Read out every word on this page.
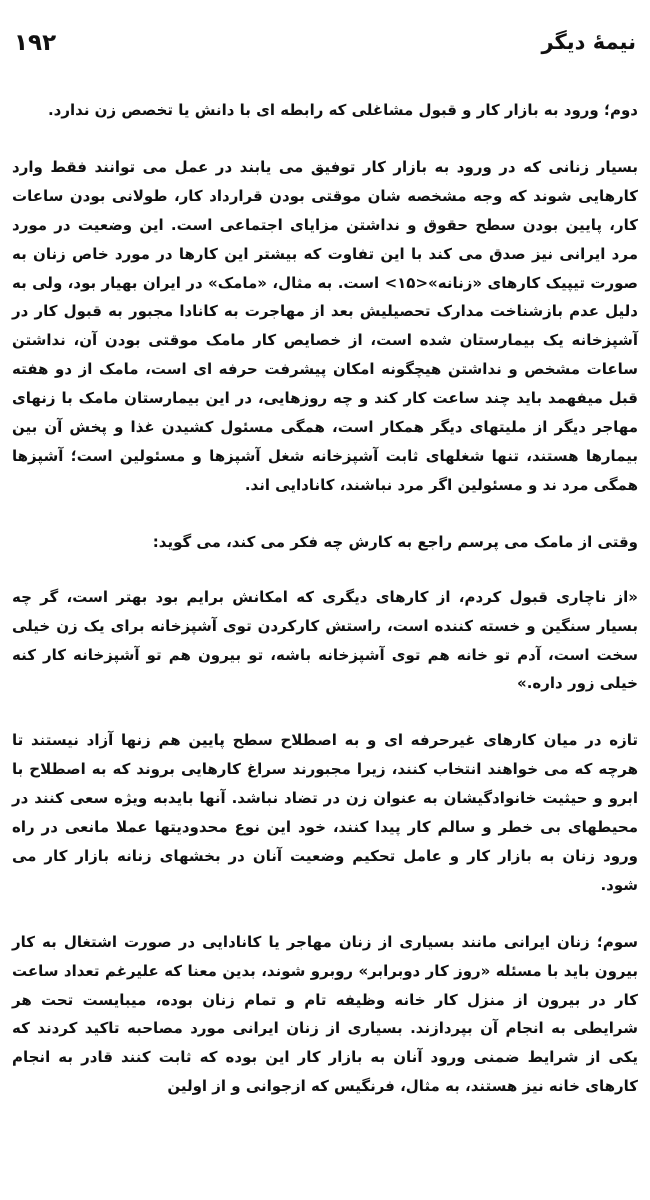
۱۹۲	نیمهٔ دیگر

دوم؛ ورود به بازار کار و قبول مشاغلی که رابطه ای با دانش یا تخصص زن ندارد.

بسیار زنانی که در ورود به بازار کار توفیق می یابند در عمل می توانند فقط وارد کارهایی شوند که وجه مشخصه شان موقتی بودن قرارداد کار، طولانی بودن ساعات کار، پایین بودن سطح حقوق و نداشتن مزایای اجتماعی است. این وضعیت در مورد مرد ایرانی نیز صدق می کند با این تفاوت که بیشتر این کارها در مورد خاص زنان به صورت تیپیک کارهای «زنانه»<۱۵> است. به مثال، «مامک» در ایران بهیار بود، ولی به دلیل عدم بازشناخت مدارک تحصیلیش بعد از مهاجرت به کانادا مجبور به قبول کار در آشپزخانه یک بیمارستان شده است، از خصایص کار مامک موقتی بودن آن، نداشتن ساعات مشخص و نداشتن هیچگونه امکان پیشرفت حرفه ای است، مامک از دو هفته قبل میفهمد باید چند ساعت کار کند و چه روزهایی، در این بیمارستان مامک با زنهای مهاجر دیگر از ملیتهای دیگر همکار است، همگی مسئول کشیدن غذا و پخش آن بین بیمارها هستند، تنها شغلهای ثابت آشپزخانه شغل آشپزها و مسئولین است؛ آشپزها همگی مرد ند و مسئولین اگر مرد نباشند، کانادایی اند.

وقتی از مامک می پرسم راجع به کارش چه فکر می کند، می گوید:

«از ناچاری قبول کردم، از کارهای دیگری که امکانش برایم بود بهتر است، گر چه بسیار سنگین و خسته کننده است، راستش کارکردن توی آشپزخانه برای یک زن خیلی سخت است، آدم تو خانه هم توی آشپزخانه باشه، تو بیرون هم تو آشپزخانه کار کنه خیلی زور داره.»

تازه در میان کارهای غیرحرفه ای و به اصطلاح سطح پایین هم زنها آزاد نیستند تا هرچه که می خواهند انتخاب کنند، زیرا مجبورند سراغ کارهایی بروند که به اصطلاح با ابرو و حیثیت خانوادگیشان به عنوان زن در تضاد نباشد. آنها بایدبه ویژه سعی کنند در محیطهای بی خطر و سالم کار پیدا کنند، خود این نوع محدودیتها عملا مانعی در راه ورود زنان به بازار کار و عامل تحکیم وضعیت آنان در بخشهای زنانه بازار کار می شود.

سوم؛ زنان ایرانی مانند بسیاری از زنان مهاجر یا کانادایی در صورت اشتغال به کار بیرون باید با مسئله «روز کار دوبرابر» روبرو شوند، بدین معنا که علیرغم تعداد ساعت کار در بیرون از منزل کار خانه وظیفه تام و تمام زنان بوده، میبایست تحت هر شرایطی به انجام آن بپردازند. بسیاری از زنان ایرانی مورد مصاحبه تاکید کردند که یکی از شرایط ضمنی ورود آنان به بازار کار این بوده که ثابت کنند قادر به انجام کارهای خانه نیز هستند، به مثال، فرنگیس که ازجوانی و از اولین
